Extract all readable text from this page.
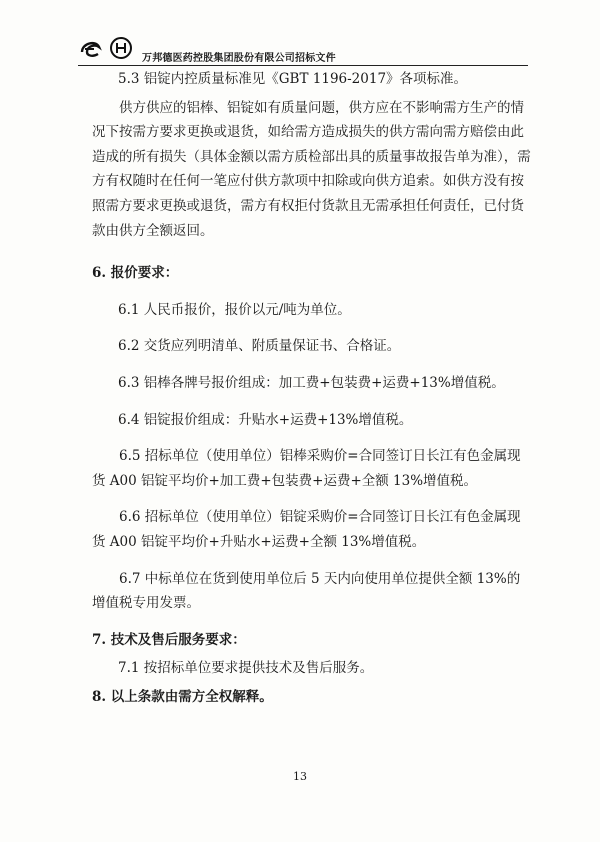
万邦德医药控股集团股份有限公司招标文件

5.3 铝锭内控质量标准见《GBT 1196-2017》各项标准。

供方供应的铝棒、铝锭如有质量问题，供方应在不影响需方生产的情况下按需方要求更换或退货，如给需方造成损失的供方需向需方赔偿由此造成的所有损失（具体金额以需方质检部出具的质量事故报告单为准），需方有权随时在任何一笔应付供方款项中扣除或向供方追索。如供方没有按照需方要求更换或退货，需方有权拒付货款且无需承担任何责任，已付货款由供方全额返回。

6. 报价要求：

6.1 人民币报价，报价以元/吨为单位。

6.2 交货应列明清单、附质量保证书、合格证。

6.3 铝棒各牌号报价组成：加工费+包装费+运费+13%增值税。

6.4 铝锭报价组成：升贴水+运费+13%增值税。

6.5 招标单位（使用单位）铝棒采购价=合同签订日长江有色金属现货 A00 铝锭平均价+加工费+包装费+运费+全额 13%增值税。

6.6 招标单位（使用单位）铝锭采购价=合同签订日长江有色金属现货 A00 铝锭平均价+升贴水+运费+全额 13%增值税。

6.7 中标单位在货到使用单位后 5 天内向使用单位提供全额 13%的增值税专用发票。

7. 技术及售后服务要求：

7.1 按招标单位要求提供技术及售后服务。

8. 以上条款由需方全权解释。

13
